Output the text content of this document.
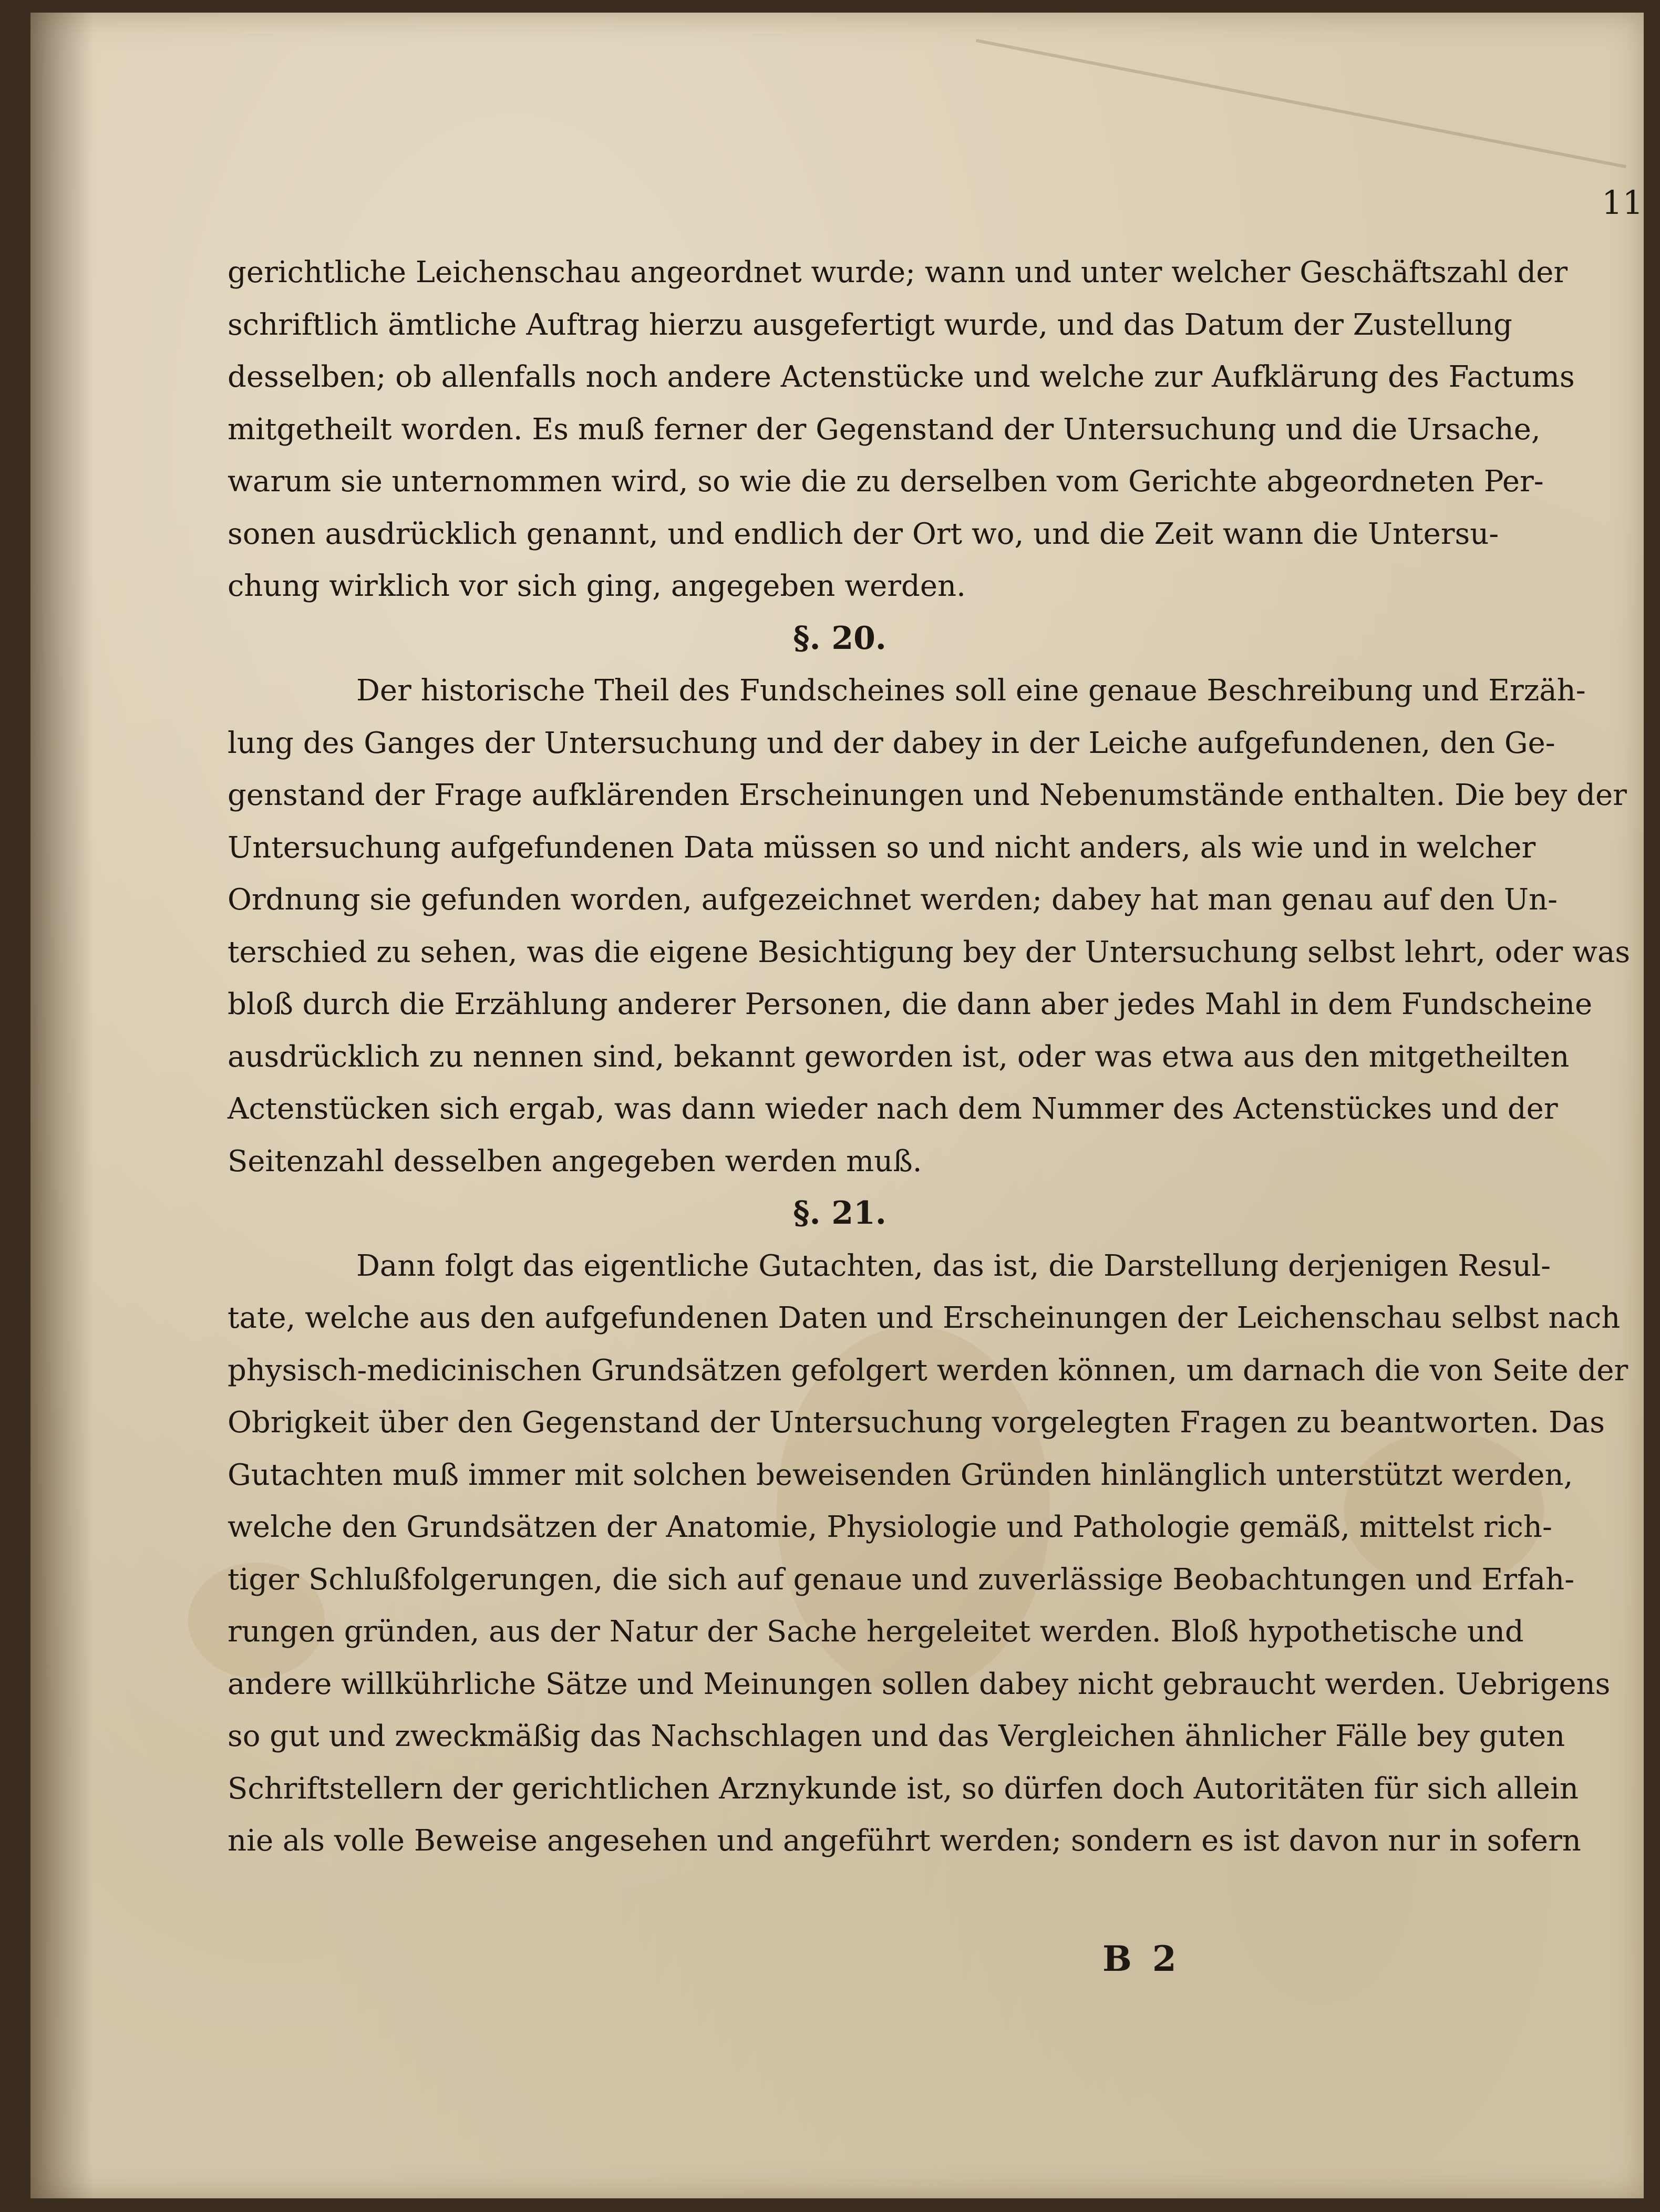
11
gerichtliche Leichenschau angeordnet wurde; wann und unter welcher Geschäftszahl der
schriftlich ämtliche Auftrag hierzu ausgefertigt wurde, und das Datum der Zustellung
desselben; ob allenfalls noch andere Actenstücke und welche zur Aufklärung des Factums
mitgetheilt worden. Es muß ferner der Gegenstand der Untersuchung und die Ursache,
warum sie unternommen wird, so wie die zu derselben vom Gerichte abgeordneten Per-
sonen ausdrücklich genannt, und endlich der Ort wo, und die Zeit wann die Untersu-
chung wirklich vor sich ging, angegeben werden.
§. 20.
Der historische Theil des Fundscheines soll eine genaue Beschreibung und Erzäh-
lung des Ganges der Untersuchung und der dabey in der Leiche aufgefundenen, den Ge-
genstand der Frage aufklärenden Erscheinungen und Nebenumstände enthalten. Die bey der
Untersuchung aufgefundenen Data müssen so und nicht anders, als wie und in welcher
Ordnung sie gefunden worden, aufgezeichnet werden; dabey hat man genau auf den Un-
terschied zu sehen, was die eigene Besichtigung bey der Untersuchung selbst lehrt, oder was
bloß durch die Erzählung anderer Personen, die dann aber jedes Mahl in dem Fundscheine
ausdrücklich zu nennen sind, bekannt geworden ist, oder was etwa aus den mitgetheilten
Actenstücken sich ergab, was dann wieder nach dem Nummer des Actenstückes und der
Seitenzahl desselben angegeben werden muß.
§. 21.
Dann folgt das eigentliche Gutachten, das ist, die Darstellung derjenigen Resul-
tate, welche aus den aufgefundenen Daten und Erscheinungen der Leichenschau selbst nach
physisch-medicinischen Grundsätzen gefolgert werden können, um darnach die von Seite der
Obrigkeit über den Gegenstand der Untersuchung vorgelegten Fragen zu beantworten. Das
Gutachten muß immer mit solchen beweisenden Gründen hinlänglich unterstützt werden,
welche den Grundsätzen der Anatomie, Physiologie und Pathologie gemäß, mittelst rich-
tiger Schlußfolgerungen, die sich auf genaue und zuverlässige Beobachtungen und Erfah-
rungen gründen, aus der Natur der Sache hergeleitet werden. Bloß hypothetische und
andere willkührliche Sätze und Meinungen sollen dabey nicht gebraucht werden. Uebrigens
so gut und zweckmäßig das Nachschlagen und das Vergleichen ähnlicher Fälle bey guten
Schriftstellern der gerichtlichen Arznykunde ist, so dürfen doch Autoritäten für sich allein
nie als volle Beweise angesehen und angeführt werden; sondern es ist davon nur in sofern
B 2
